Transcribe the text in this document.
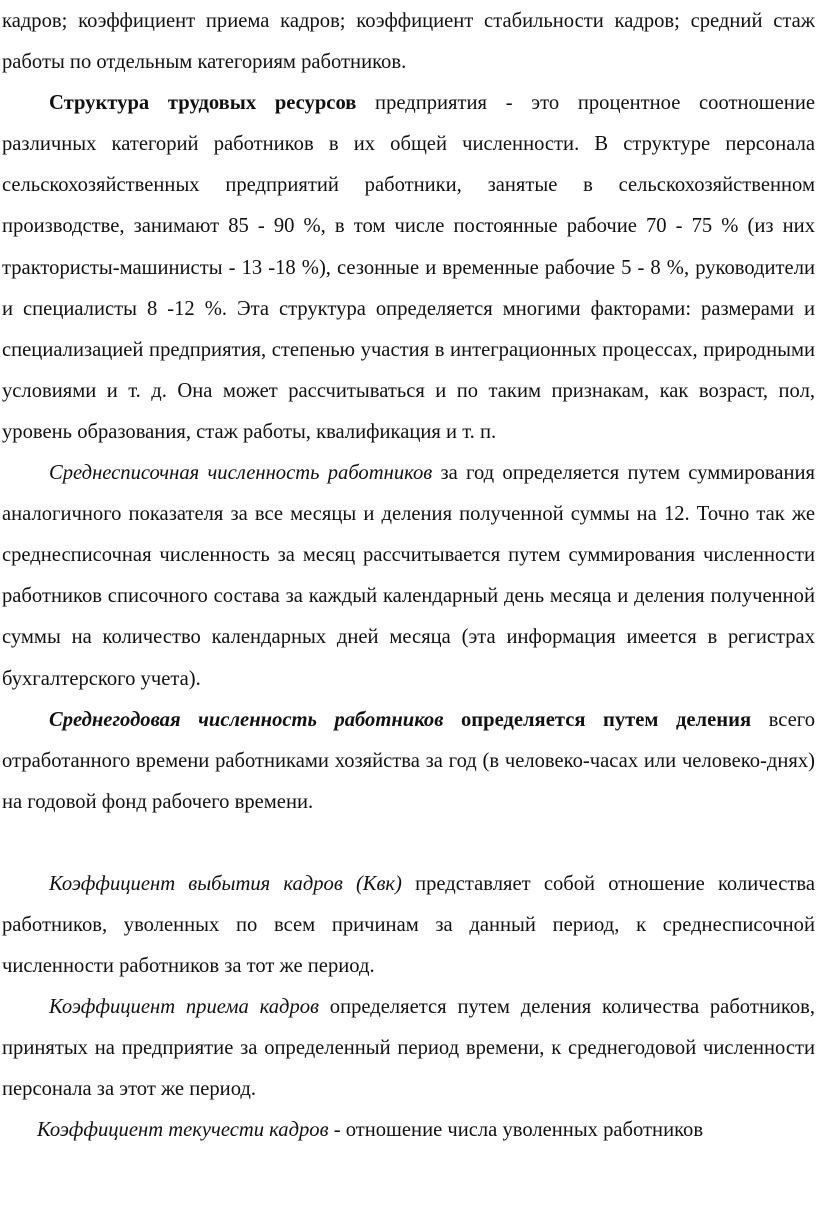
кадров; коэффициент приема кадров; коэффициент стабильности кадров; средний стаж работы по отдельным категориям работников.

Структура трудовых ресурсов предприятия - это процентное соотношение различных категорий работников в их общей численности. В структуре персонала сельскохозяйственных предприятий работники, занятые в сельскохозяйственном производстве, занимают 85 - 90 %, в том числе постоянные рабочие 70 - 75 % (из них трактористы-машинисты - 13 -18 %), сезонные и временные рабочие 5 - 8 %, руководители и специалисты 8 -12 %. Эта структура определяется многими факторами: размерами и специализацией предприятия, степенью участия в интеграционных процессах, природными условиями и т. д. Она может рассчитываться и по таким признакам, как возраст, пол, уровень образования, стаж работы, квалификация и т. п.

Среднесписочная численность работников за год определяется путем суммирования аналогичного показателя за все месяцы и деления полученной суммы на 12. Точно так же среднесписочная численность за месяц рассчитывается путем суммирования численности работников списочного состава за каждый календарный день месяца и деления полученной суммы на количество календарных дней месяца (эта информация имеется в регистрах бухгалтерского учета).

Среднегодовая численность работников определяется путем деления всего отработанного времени работниками хозяйства за год (в человеко-часах или человеко-днях) на годовой фонд рабочего времени.

Коэффициент выбытия кадров (Квк) представляет собой отношение количества работников, уволенных по всем причинам за данный период, к среднесписочной численности работников за тот же период.

Коэффициент приема кадров определяется путем деления количества работников, принятых на предприятие за определенный период времени, к среднегодовой численности персонала за этот же период.

Коэффициент текучести кадров - отношение числа уволенных работников
